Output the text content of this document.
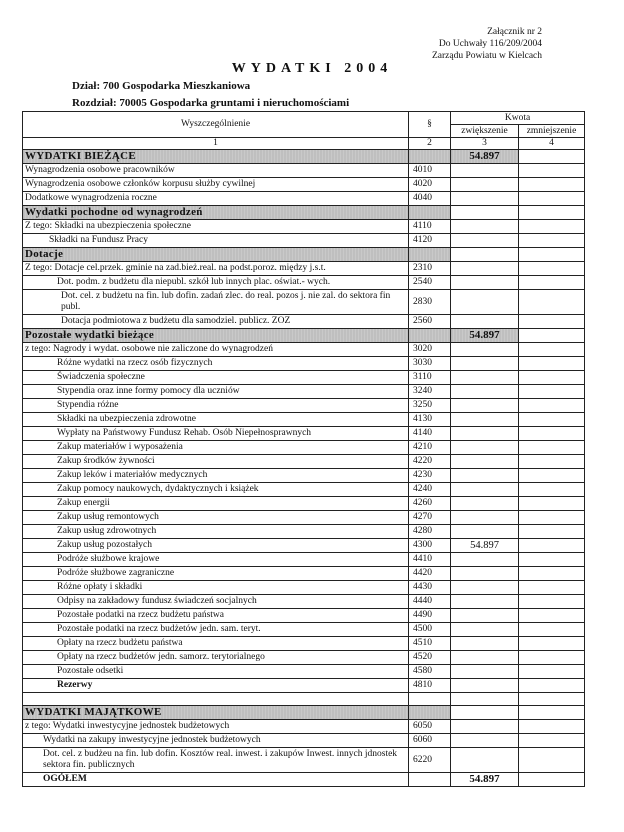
Załącznik nr 2
Do Uchwały 116/209/2004
Zarządu Powiatu w Kielcach
WYDATKI 2004
Dział: 700 Gospodarka Mieszkaniowa
Rozdział: 70005 Gospodarka gruntami i nieruchomościami
Wyszczególnienie	§	Kwota	
		zwiększenie	zmniejszenie
1	2	3	4
WYDATKI BIEŻĄCE		54.897	
Wynagrodzenia osobowe pracowników	4010		
Wynagrodzenia osobowe członków korpusu służby cywilnej	4020		
Dodatkowe wynagrodzenia roczne	4040		
Wydatki pochodne od wynagrodzeń			
Z tego: Składki na ubezpieczenia społeczne	4110		
Składki na Fundusz Pracy	4120		
Dotacje			
Z tego: Dotacje cel.przek. gminie na zad.bież.real. na podst.poroz. między j.s.t.	2310		
Dot. podm. z budżetu dla niepubl. szkół lub innych plac. oświat.- wych.	2540		
Dot. cel. z budżetu na fin. lub dofin. zadań zlec. do real. pozos j. nie zal. do sektora fin publ.	2830		
Dotacja podmiotowa z budżetu dla samodziel. publicz. ZOZ	2560		
Pozostałe wydatki bieżące		54.897	
z tego: Nagrody i wydat. osobowe nie zaliczone do wynagrodzeń	3020		
Różne wydatki na rzecz osób fizycznych	3030		
Świadczenia społeczne	3110		
Stypendia oraz inne formy pomocy dla uczniów	3240		
Stypendia różne	3250		
Składki na ubezpieczenia zdrowotne	4130		
Wypłaty na Państwowy Fundusz Rehab. Osób Niepełnosprawnych	4140		
Zakup materiałów i wyposażenia	4210		
Zakup środków żywności	4220		
Zakup leków i materiałów medycznych	4230		
Zakup pomocy naukowych, dydaktycznych i książek	4240		
Zakup energii	4260		
Zakup usług remontowych	4270		
Zakup usług zdrowotnych	4280		
Zakup usług pozostałych	4300	54.897	
Podróże służbowe krajowe	4410		
Podróże służbowe zagraniczne	4420		
Różne opłaty i składki	4430		
Odpisy na zakładowy fundusz świadczeń socjalnych	4440		
Pozostałe podatki na rzecz budżetu państwa	4490		
Pozostałe podatki na rzecz budżetów jedn. sam. teryt.	4500		
Opłaty na rzecz budżetu państwa	4510		
Opłaty na rzecz budżetów jedn. samorz. terytorialnego	4520		
Pozostałe odsetki	4580		
Rezerwy	4810		

WYDATKI MAJĄTKOWE			
z tego: Wydatki inwestycyjne jednostek budżetowych	6050		
Wydatki na zakupy inwestycyjne jednostek budżetowych	6060		
Dot. cel. z budżeu na fin. lub dofin. Kosztów real. inwest. i zakupów Inwest. innych jdnostek sektora fin. publicznych	6220		
OGÓŁEM		54.897	
